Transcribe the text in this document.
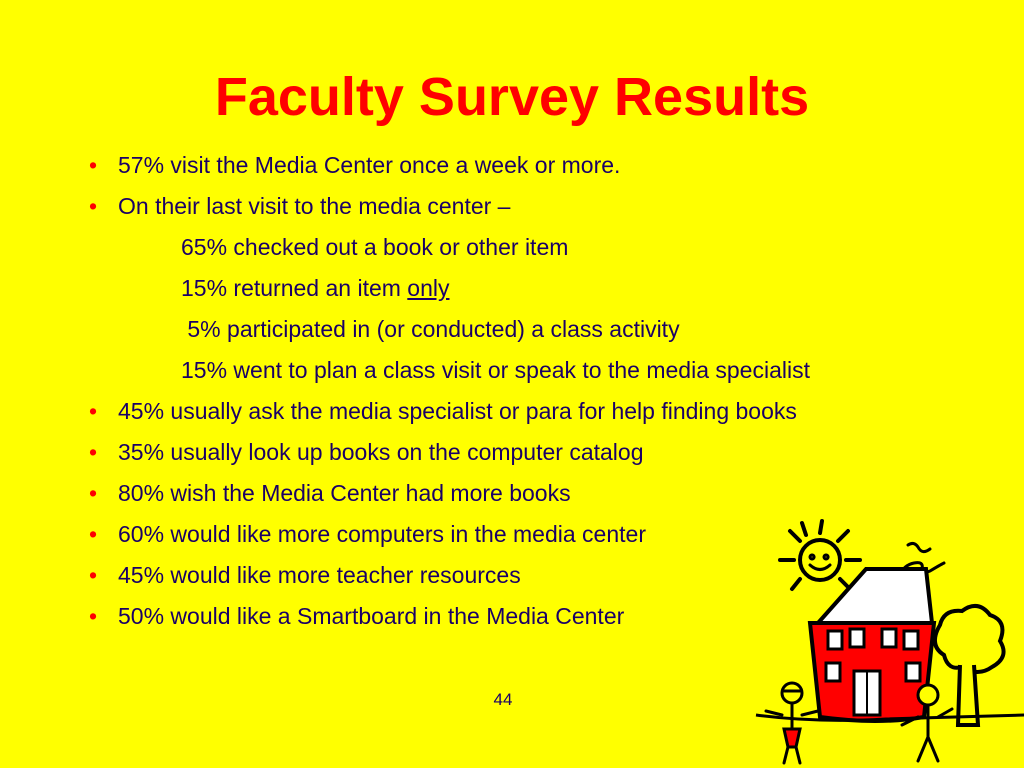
Faculty Survey Results
• 57% visit the Media Center once a week or more.
• On their last visit to the media center –
65% checked out a book or other item
15% returned an item only
5% participated in (or conducted) a class activity
15% went to plan a class visit or speak to the media specialist
• 45% usually ask the media specialist or para for help finding books
• 35% usually look up books on the computer catalog
• 80% wish the Media Center had more books
• 60% would like more computers in the media center
• 45% would like more teacher resources
• 50% would like a Smartboard in the Media Center
44
